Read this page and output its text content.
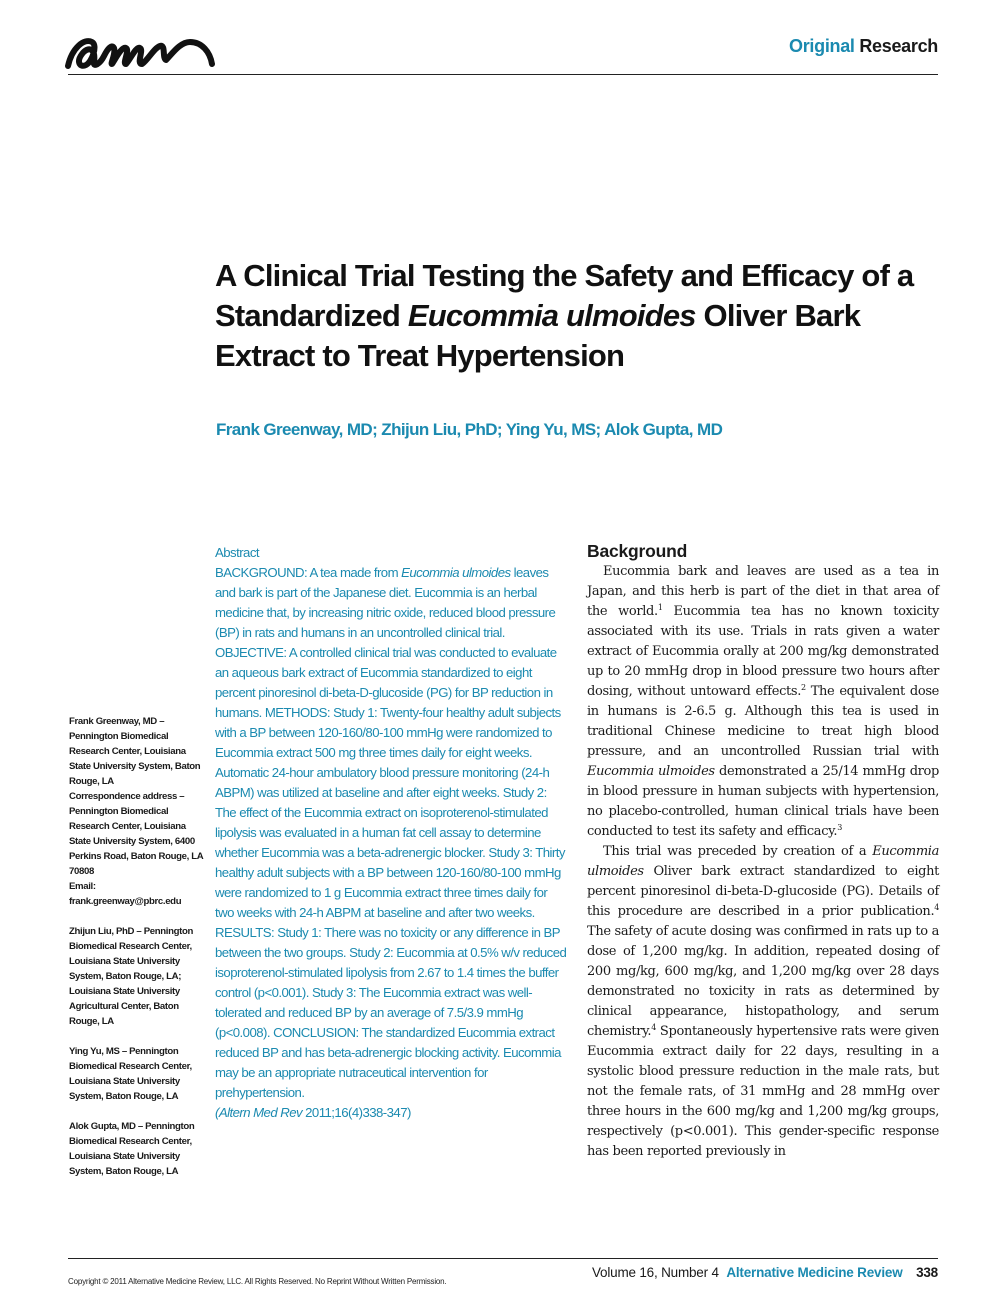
Original Research
A Clinical Trial Testing the Safety and Efficacy of a Standardized Eucommia ulmoides Oliver Bark Extract to Treat Hypertension
Frank Greenway, MD; Zhijun Liu, PhD; Ying Yu, MS; Alok Gupta, MD
Frank Greenway, MD – Pennington Biomedical Research Center, Louisiana State University System, Baton Rouge, LA
Correspondence address – Pennington Biomedical Research Center, Louisiana State University System, 6400 Perkins Road, Baton Rouge, LA 70808
Email:
frank.greenway@pbrc.edu
Zhijun Liu, PhD – Pennington Biomedical Research Center, Louisiana State University System, Baton Rouge, LA; Louisiana State University Agricultural Center, Baton Rouge, LA
Ying Yu, MS – Pennington Biomedical Research Center, Louisiana State University System, Baton Rouge, LA
Alok Gupta, MD – Pennington Biomedical Research Center, Louisiana State University System, Baton Rouge, LA
Abstract
BACKGROUND: A tea made from Eucommia ulmoides leaves and bark is part of the Japanese diet. Eucommia is an herbal medicine that, by increasing nitric oxide, reduced blood pressure (BP) in rats and humans in an uncontrolled clinical trial. OBJECTIVE: A controlled clinical trial was conducted to evaluate an aqueous bark extract of Eucommia standardized to eight percent pinoresinol di-beta-D-glucoside (PG) for BP reduction in humans. METHODS: Study 1: Twenty-four healthy adult subjects with a BP between 120-160/80-100 mmHg were randomized to Eucommia extract 500 mg three times daily for eight weeks. Automatic 24-hour ambulatory blood pressure monitoring (24-h ABPM) was utilized at baseline and after eight weeks. Study 2: The effect of the Eucommia extract on isoproterenol-stimulated lipolysis was evaluated in a human fat cell assay to determine whether Eucommia was a beta-adrenergic blocker. Study 3: Thirty healthy adult subjects with a BP between 120-160/80-100 mmHg were randomized to 1 g Eucommia extract three times daily for two weeks with 24-h ABPM at baseline and after two weeks. RESULTS: Study 1: There was no toxicity or any difference in BP between the two groups. Study 2: Eucommia at 0.5% w/v reduced isoproterenol-stimulated lipolysis from 2.67 to 1.4 times the buffer control (p<0.001). Study 3: The Eucommia extract was well-tolerated and reduced BP by an average of 7.5/3.9 mmHg (p<0.008). CONCLUSION: The standardized Eucommia extract reduced BP and has beta-adrenergic blocking activity. Eucommia may be an appropriate nutraceutical intervention for prehypertension.
(Altern Med Rev 2011;16(4)338-347)
Background

Eucommia bark and leaves are used as a tea in Japan, and this herb is part of the diet in that area of the world.$^1$ Eucommia tea has no known toxicity associated with its use. Trials in rats given a water extract of Eucommia orally at 200 mg/kg demonstrated up to 20 mmHg drop in blood pressure two hours after dosing, without untoward effects.$^2$ The equivalent dose in humans is 2-6.5 g. Although this tea is used in traditional Chinese medicine to treat high blood pressure, and an uncontrolled Russian trial with Eucommia ulmoides demonstrated a 25/14 mmHg drop in blood pressure in human subjects with hypertension, no placebo-controlled, human clinical trials have been conducted to test its safety and efficacy.$^3$

This trial was preceded by creation of a Eucommia ulmoides Oliver bark extract standardized to eight percent pinoresinol di-beta-D-glucoside (PG). Details of this procedure are described in a prior publication.$^4$ The safety of acute dosing was confirmed in rats up to a dose of 1,200 mg/kg. In addition, repeated dosing of 200 mg/kg, 600 mg/kg, and 1,200 mg/kg over 28 days demonstrated no toxicity in rats as determined by clinical appearance, histopathology, and serum chemistry.$^4$ Spontaneously hypertensive rats were given Eucommia extract daily for 22 days, resulting in a systolic blood pressure reduction in the male rats, but not the female rats, of 31 mmHg and 28 mmHg over three hours in the 600 mg/kg and 1,200 mg/kg groups, respectively (p<0.001). This gender-specific response has been reported previously in

Copyright © 2011 Alternative Medicine Review, LLC. All Rights Reserved. No Reprint Without Written Permission.
Volume 16, Number 4 Alternative Medicine Review 338
